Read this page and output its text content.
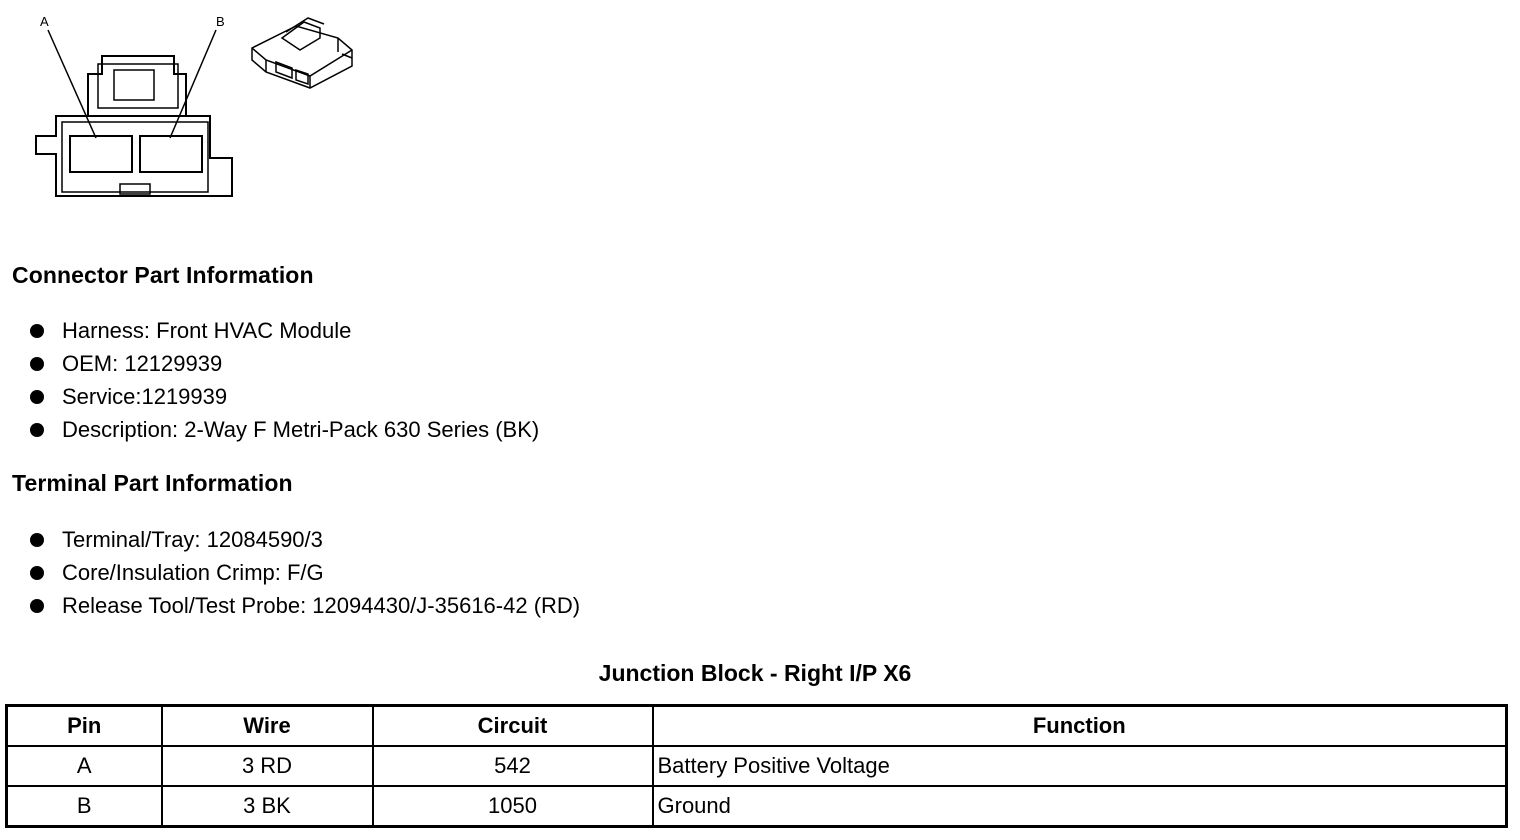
A	B
Connector Part Information
Harness: Front HVAC Module
OEM: 12129939
Service:1219939
Description: 2-Way F Metri-Pack 630 Series (BK)
Terminal Part Information
Terminal/Tray: 12084590/3
Core/Insulation Crimp: F/G
Release Tool/Test Probe: 12094430/J-35616-42 (RD)
Junction Block - Right I/P X6
Pin	Wire	Circuit	Function
A	3 RD	542	Battery Positive Voltage
B	3 BK	1050	Ground
